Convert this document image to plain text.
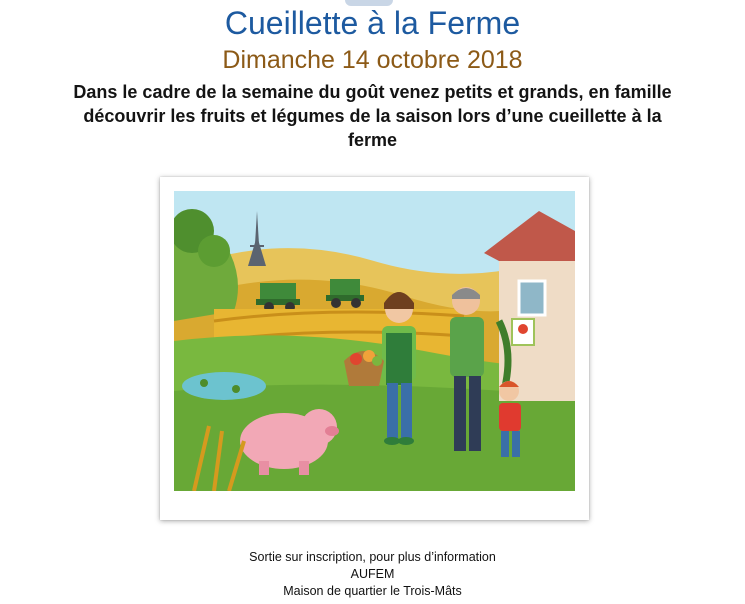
Cueillette à la Ferme
Dimanche 14 octobre 2018
Dans le cadre de la semaine du goût venez petits et grands, en famille découvrir les fruits et légumes de la saison lors d’une cueillette à la ferme
Sortie sur inscription, pour plus d’information
AUFEM
Maison de quartier le Trois-Mâts
